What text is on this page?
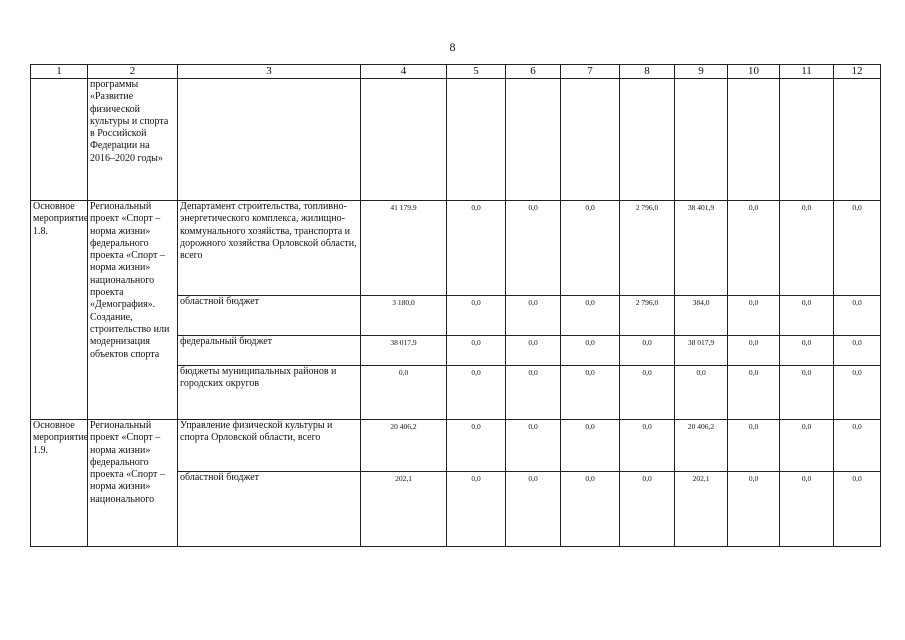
8
1	2	3	4	5	6	7	8	9	10	11	12
	программы «Развитие физической культуры и спорта в Российской Федерации на 2016–2020 годы»										
Основное мероприятие 1.8.	Региональный проект «Спорт – норма жизни» федерального проекта «Спорт – норма жизни» национального проекта «Демография». Создание, строительство или модернизация объектов спорта	Департамент строительства, топливно-энергетического комплекса, жилищно-коммунального хозяйства, транспорта и дорожного хозяйства Орловской области, всего	41 179,9	0,0	0,0	0,0	2 796,0	38 401,9	0,0	0,0	0,0
		областной бюджет	3 180,0	0,0	0,0	0,0	2 796,0	384,0	0,0	0,0	0,0
		федеральный бюджет	38 017,9	0,0	0,0	0,0	0,0	38 017,9	0,0	0,0	0,0
		бюджеты муниципальных районов и городских округов	0,0	0,0	0,0	0,0	0,0	0,0	0,0	0,0	0,0
Основное мероприятие 1.9.	Региональный проект «Спорт – норма жизни» федерального проекта «Спорт – норма жизни» национального	Управление физической культуры и спорта Орловской области, всего	20 406,2	0,0	0,0	0,0	0,0	20 406,2	0,0	0,0	0,0
		областной бюджет	202,1	0,0	0,0	0,0	0,0	202,1	0,0	0,0	0,0
